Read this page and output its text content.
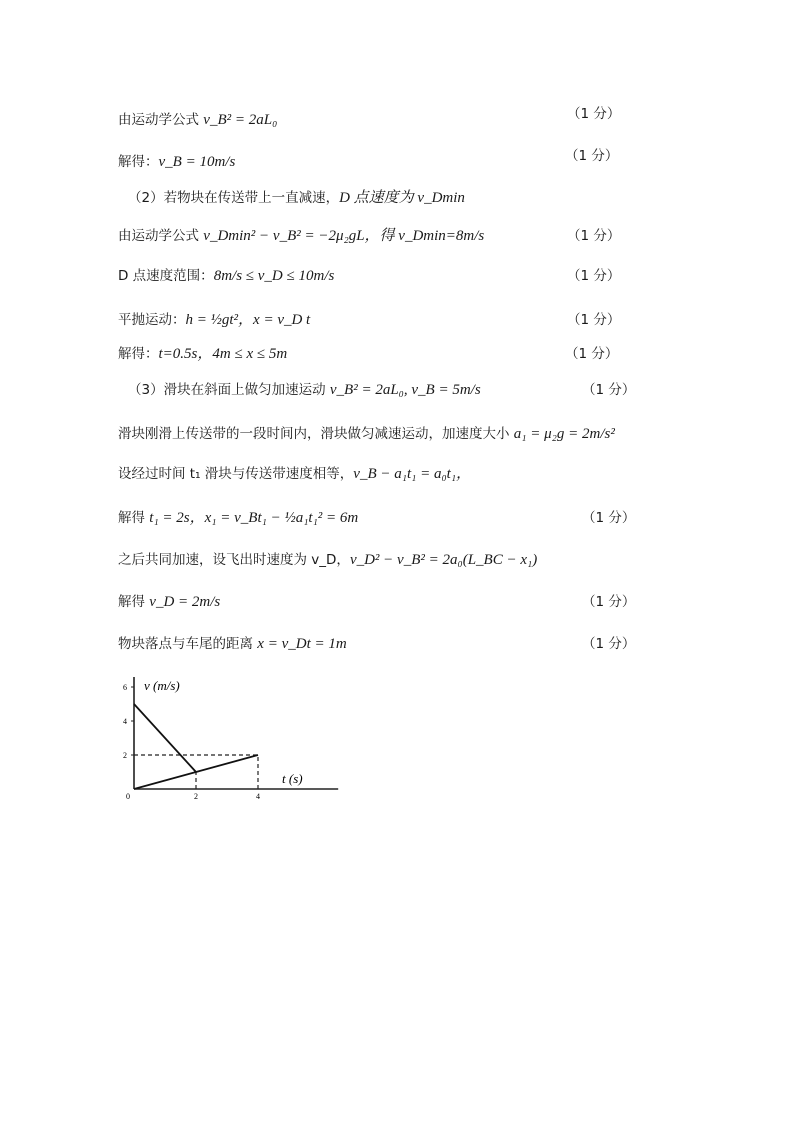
由运动学公式 v_B² = 2aL₀	（1 分）
解得：v_B = 10m/s	（1 分）
（2）若物块在传送带上一直减速，D 点速度为 v_Dmin
由运动学公式 v_Dmin² − v_B² = −2μ₂gL，得 v_Dmin=8m/s	（1 分）
D 点速度范围：8m/s ≤ v_D ≤ 10m/s	（1 分）
平抛运动：h = ½gt²，x = v_D t	（1 分）
解得：t=0.5s，4m ≤ x ≤ 5m	（1 分）
（3）滑块在斜面上做匀加速运动 v_B² = 2aL₀, v_B = 5m/s	（1 分）
滑块刚滑上传送带的一段时间内，滑块做匀减速运动，加速度大小 a₁ = μ₂g = 2m/s²
设经过时间 t₁ 滑块与传送带速度相等，v_B − a₁t₁ = a₀t₁，
解得 t₁ = 2s，x₁ = v_Bt₁ − ½a₁t₁² = 6m	（1 分）
之后共同加速，设飞出时速度为 v_D，v_D² − v_B² = 2a₀(L_BC − x₁)
解得 v_D = 2m/s	（1 分）
物块落点与车尾的距离 x = v_Dt = 1m	（1 分）
2
4
6
0	2	4
v (m/s)
t (s)
